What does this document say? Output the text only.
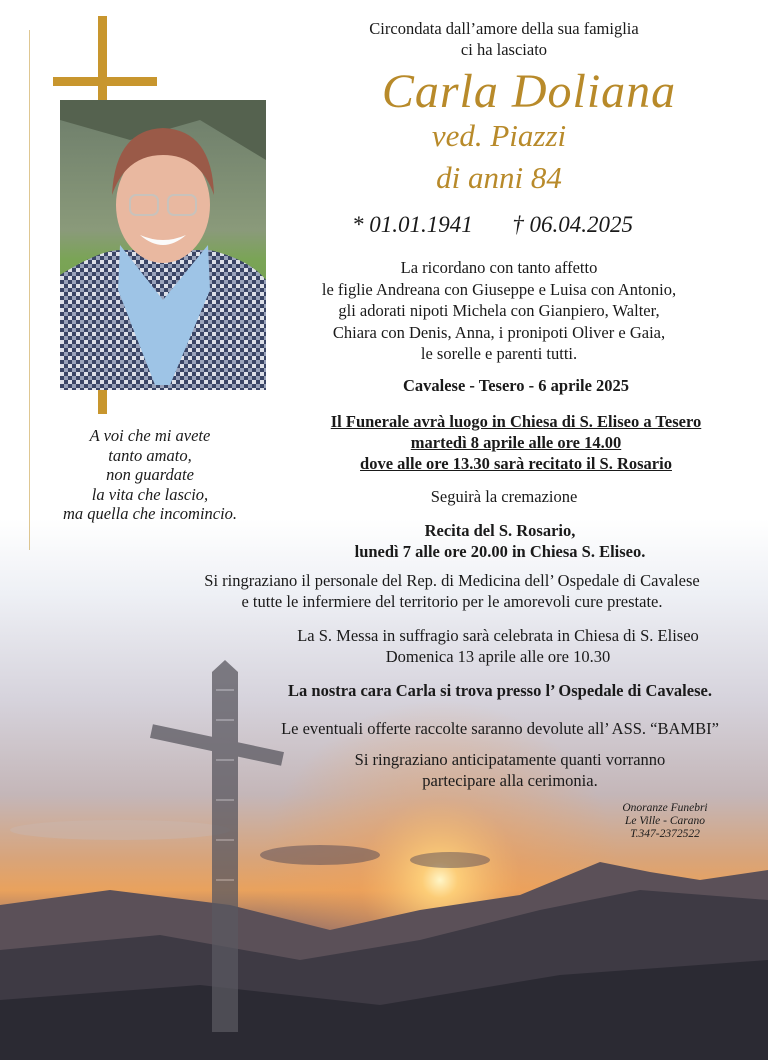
A voi che mi avete
tanto amato,
non guardate
la vita che lascio,
ma quella che incomincio.
Circondata dall’amore della sua famiglia
ci ha lasciato
Carla Doliana
ved. Piazzi
di anni 84
* 01.01.1941 † 06.04.2025
La ricordano con tanto affetto
le figlie Andreana con Giuseppe e Luisa con Antonio,
gli adorati nipoti Michela con Gianpiero, Walter,
Chiara con Denis, Anna, i pronipoti Oliver e Gaia,
le sorelle e parenti tutti.
Cavalese - Tesero - 6 aprile 2025
Il Funerale avrà luogo in Chiesa di S. Eliseo a Tesero
martedì 8 aprile alle ore 14.00
dove alle ore 13.30 sarà recitato il S. Rosario
Seguirà la cremazione
Recita del S. Rosario,
lunedì 7 alle ore 20.00 in Chiesa S. Eliseo.
Si ringraziano il personale del Rep. di Medicina dell’ Ospedale di Cavalese
e tutte le infermiere del territorio per le amorevoli cure prestate.
La S. Messa in suffragio sarà celebrata in Chiesa di S. Eliseo
Domenica 13 aprile alle ore 10.30
La nostra cara Carla si trova presso l’ Ospedale di Cavalese.
Le eventuali offerte raccolte saranno devolute all’ ASS. “BAMBI”
Si ringraziano anticipatamente quanti vorranno
partecipare alla cerimonia.
Onoranze Funebri
Le Ville - Carano
T.347-2372522
